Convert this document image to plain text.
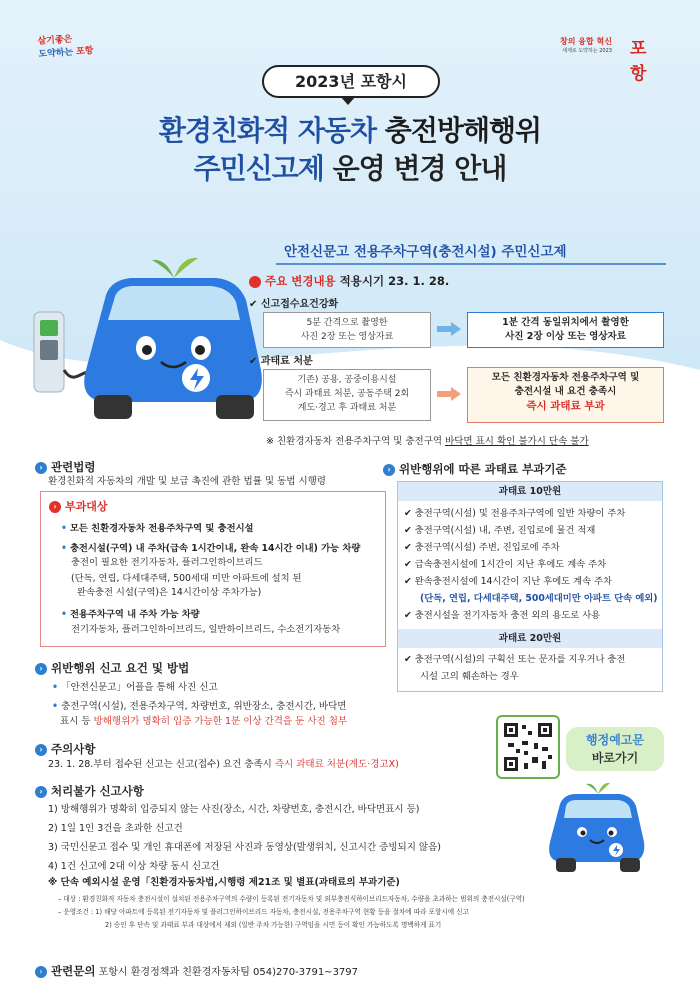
살기좋은
도약하는 포항
창의 융합 혁신
세계로 도약하는 2023 포항
2023년 포항시
환경친화적 자동차 충전방해행위
주민신고제 운영 변경 안내
안전신문고 전용주차구역(충전시설) 주민신고제
› 주요 변경내용 적용시기 23. 1. 28.
✔ 신고접수요건강화
5분 간격으로 촬영한
사진 2장 또는 영상자료
1분 간격 동일위치에서 촬영한
사진 2장 이상 또는 영상자료
✔ 과태료 처분
기존) 공용, 공중이용시설
즉시 과태료 처분, 공동주택 2회
계도·경고 후 과태료 처분
모든 친환경자동차 전용주차구역 및
충전시설 내 요건 충족시
즉시 과태료 부과
※ 친환경자동차 전용주차구역 및 충전구역 바닥면 표시 확인 불가시 단속 불가
› 관련법령
환경친화적 자동차의 개발 및 보급 촉진에 관한 법률 및 동법 시행령
› 부과대상
• 모든 친환경자동차 전용주차구역 및 충전시설
• 충전시설(구역) 내 주차(급속 1시간이내, 완속 14시간 이내) 가능 차량
충전이 필요한 전기자동차, 플러그인하이브리드
(단독, 연립, 다세대주택, 500세대 미만 아파트에 설치 된
완속충전 시설(구역)은 14시간이상 주차가능)
• 전용주차구역 내 주차 가능 차량
전기자동차, 플러그인하이브리드, 일반하이브리드, 수소전기자동차
› 위반행위 신고 요건 및 방법
• 「안전신문고」어플을 통해 사진 신고
• 충전구역(시설), 전용주차구역, 차량번호, 위반장소, 충전시간, 바닥면
표시 등 방해행위가 명확히 입증 가능한 1분 이상 간격을 둔 사진 첨부
› 주의사항
23. 1. 28.부터 접수된 신고는 신고(접수) 요건 충족시 즉시 과태료 처분(계도·경고X)
› 위반행위에 따른 과태료 부과기준
과태료 10만원
✔ 충전구역(시설) 및 전용주차구역에 일반 차량이 주차
✔ 충전구역(시설) 내, 주변, 진입로에 물건 적재
✔ 충전구역(시설) 주변, 진입로에 주차
✔ 급속충전시설에 1시간이 지난 후에도 계속 주차
✔ 완속충전시설에 14시간이 지난 후에도 계속 주차
(단독, 연립, 다세대주택, 500세대미만 아파트 단속 예외)
✔ 충전시설을 전기자동차 충전 외의 용도로 사용
과태료 20만원
✔ 충전구역(시설)의 구획선 또는 문자를 지우거나 충전
시설 고의 훼손하는 경우
행정예고문
바로가기
› 처리불가 신고사항
1) 방해행위가 명확히 입증되지 않는 사진(장소, 시간, 차량번호, 충전시간, 바닥면표시 등)
2) 1일 1인 3건을 초과한 신고건
3) 국민신문고 접수 및 개인 휴대폰에 저장된 사진과 동영상(발생위치, 신고시간 증빙되지 않음)
4) 1건 신고에 2대 이상 차량 동시 신고건
※ 단속 예외시설 운영「친환경자동차법,시행령 제21조 및 별표(과태료의 부과기준)
– 대상 : 환경친화적 자동차 충전시설이 설치된 전용주차구역의 수량이 등록된 전기자동차 및 외부충전식하이브리드자동차, 수량을 초과하는 범위의 충전시설(구역)
– 운영조건 : 1) 해당 아파트에 등록된 전기자동차 및 플러그인하이브리드 자동차, 충전시설, 전용주차구역 현황 등을 절차에 따라 포항시에 신고
2) 승인 후 단속 및 과태료 부과 대상에서 제외 (일반 주차 가능한) 구역임을 시민 등이 확인 가능하도록 명백하게 표기
› 관련문의 포항시 환경정책과 친환경자동차팀 054)270-3791~3797
